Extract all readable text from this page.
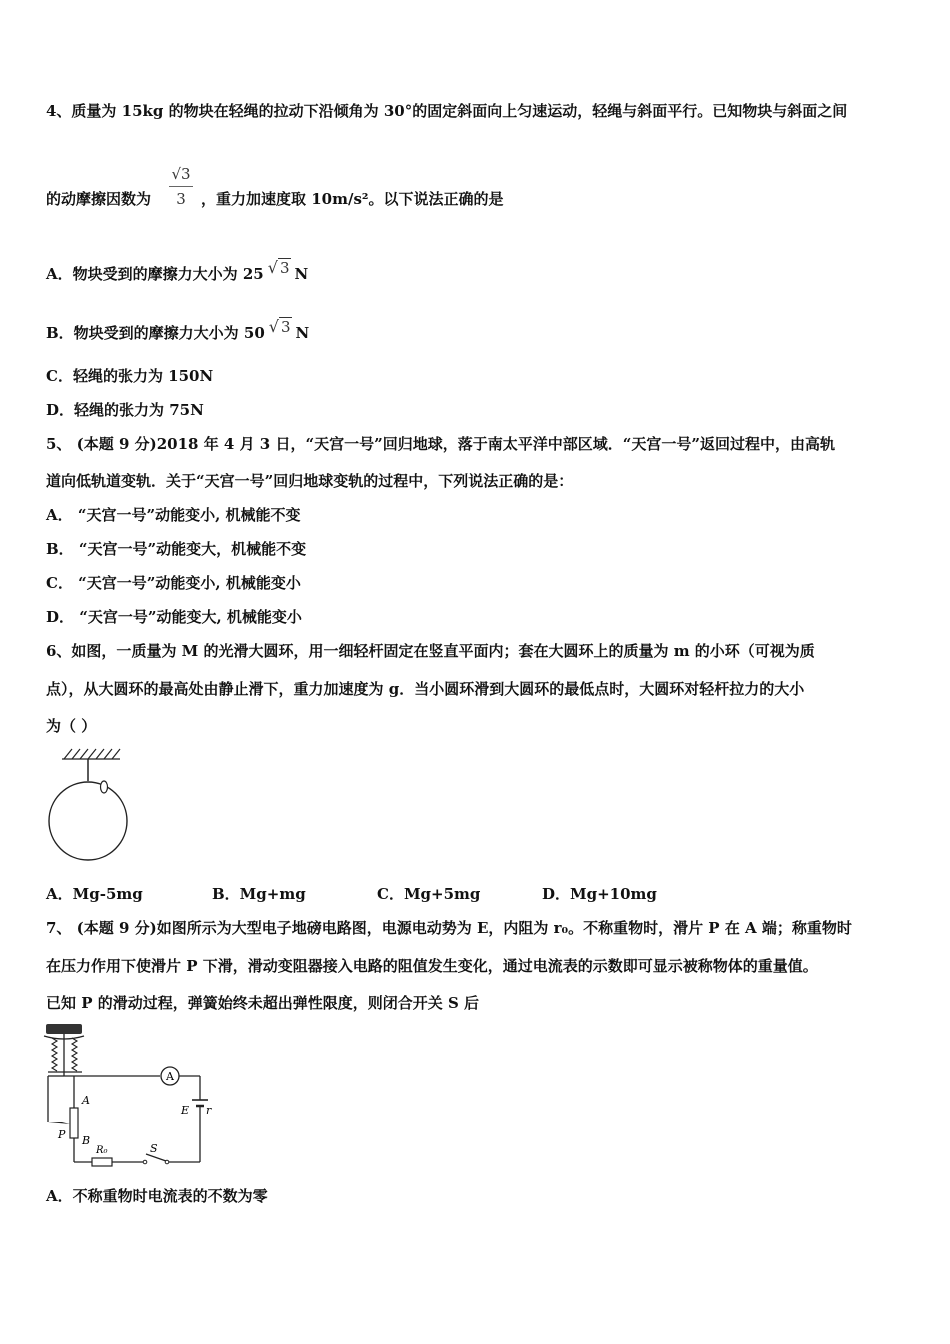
4、质量为 15kg 的物块在轻绳的拉动下沿倾角为 30°的固定斜面向上匀速运动，轻绳与斜面平行。已知物块与斜面之间
的动摩擦因数为	，重力加速度取 10m/s²。以下说法正确的是
√3
3
A．物块受到的摩擦力大小为 25 √ 3 N
B．物块受到的摩擦力大小为 50 √ 3 N
C．轻绳的张力为 150N
D．轻绳的张力为 75N
5、 (本题 9 分)2018 年 4 月 3 日，“天宫一号”回归地球，落于南太平洋中部区域．“天宫一号”返回过程中，由高轨
道向低轨道变轨．关于“天宫一号”回归地球变轨的过程中，下列说法正确的是：
A． “天宫一号”动能变小, 机械能不变
B． “天宫一号”动能变大，机械能不变
C． “天宫一号”动能变小, 机械能变小
D． “天宫一号”动能变大, 机械能变小
6、如图，一质量为 M 的光滑大圆环，用一细轻杆固定在竖直平面内；套在大圆环上的质量为 m 的小环（可视为质
点），从大圆环的最高处由静止滑下，重力加速度为 g．当小圆环滑到大圆环的最低点时，大圆环对轻杆拉力的大小
为（ ）
A．Mg-5mg	B．Mg+mg	C．Mg+5mg	D．Mg+10mg
7、 (本题 9 分)如图所示为大型电子地磅电路图，电源电动势为 E，内阻为 r₀。不称重物时，滑片 P 在 A 端；称重物时
在压力作用下使滑片 P 下滑，滑动变阻器接入电路的阻值发生变化，通过电流表的示数即可显示被称物体的重量值。
已知 P 的滑动过程，弹簧始终未超出弹性限度，则闭合开关 S 后
A
E r
S
R₀
A
B
P
A．不称重物时电流表的不数为零
